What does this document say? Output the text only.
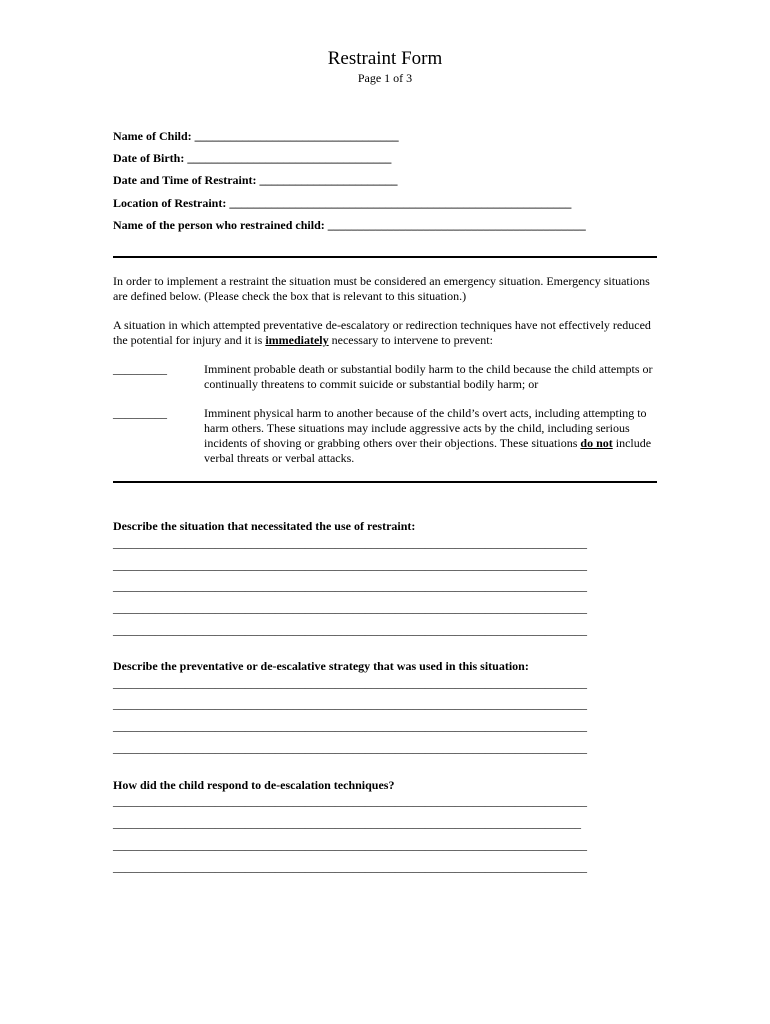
Restraint Form
Page 1 of 3
Name of Child: __________________________________
Date of Birth: __________________________________
Date and Time of Restraint: _______________________
Location of Restraint: _________________________________________________________
Name of the person who restrained child: ___________________________________________
In order to implement a restraint the situation must be considered an emergency situation. Emergency situations are defined below. (Please check the box that is relevant to this situation.)
A situation in which attempted preventative de-escalatory or redirection techniques have not effectively reduced the potential for injury and it is immediately necessary to intervene to prevent:
_________	Imminent probable death or substantial bodily harm to the child because the child attempts or continually threatens to commit suicide or substantial bodily harm; or
_________	Imminent physical harm to another because of the child’s overt acts, including attempting to harm others. These situations may include aggressive acts by the child, including serious incidents of shoving or grabbing others over their objections. These situations do not include verbal threats or verbal attacks.
Describe the situation that necessitated the use of restraint:
_______________________________________________________________________________
_______________________________________________________________________________
_______________________________________________________________________________
_______________________________________________________________________________
_______________________________________________________________________________
Describe the preventative or de-escalative strategy that was used in this situation:
_______________________________________________________________________________
_______________________________________________________________________________
_______________________________________________________________________________
_______________________________________________________________________________
How did the child respond to de-escalation techniques?
_______________________________________________________________________________
______________________________________________________________________________
_______________________________________________________________________________
_______________________________________________________________________________
